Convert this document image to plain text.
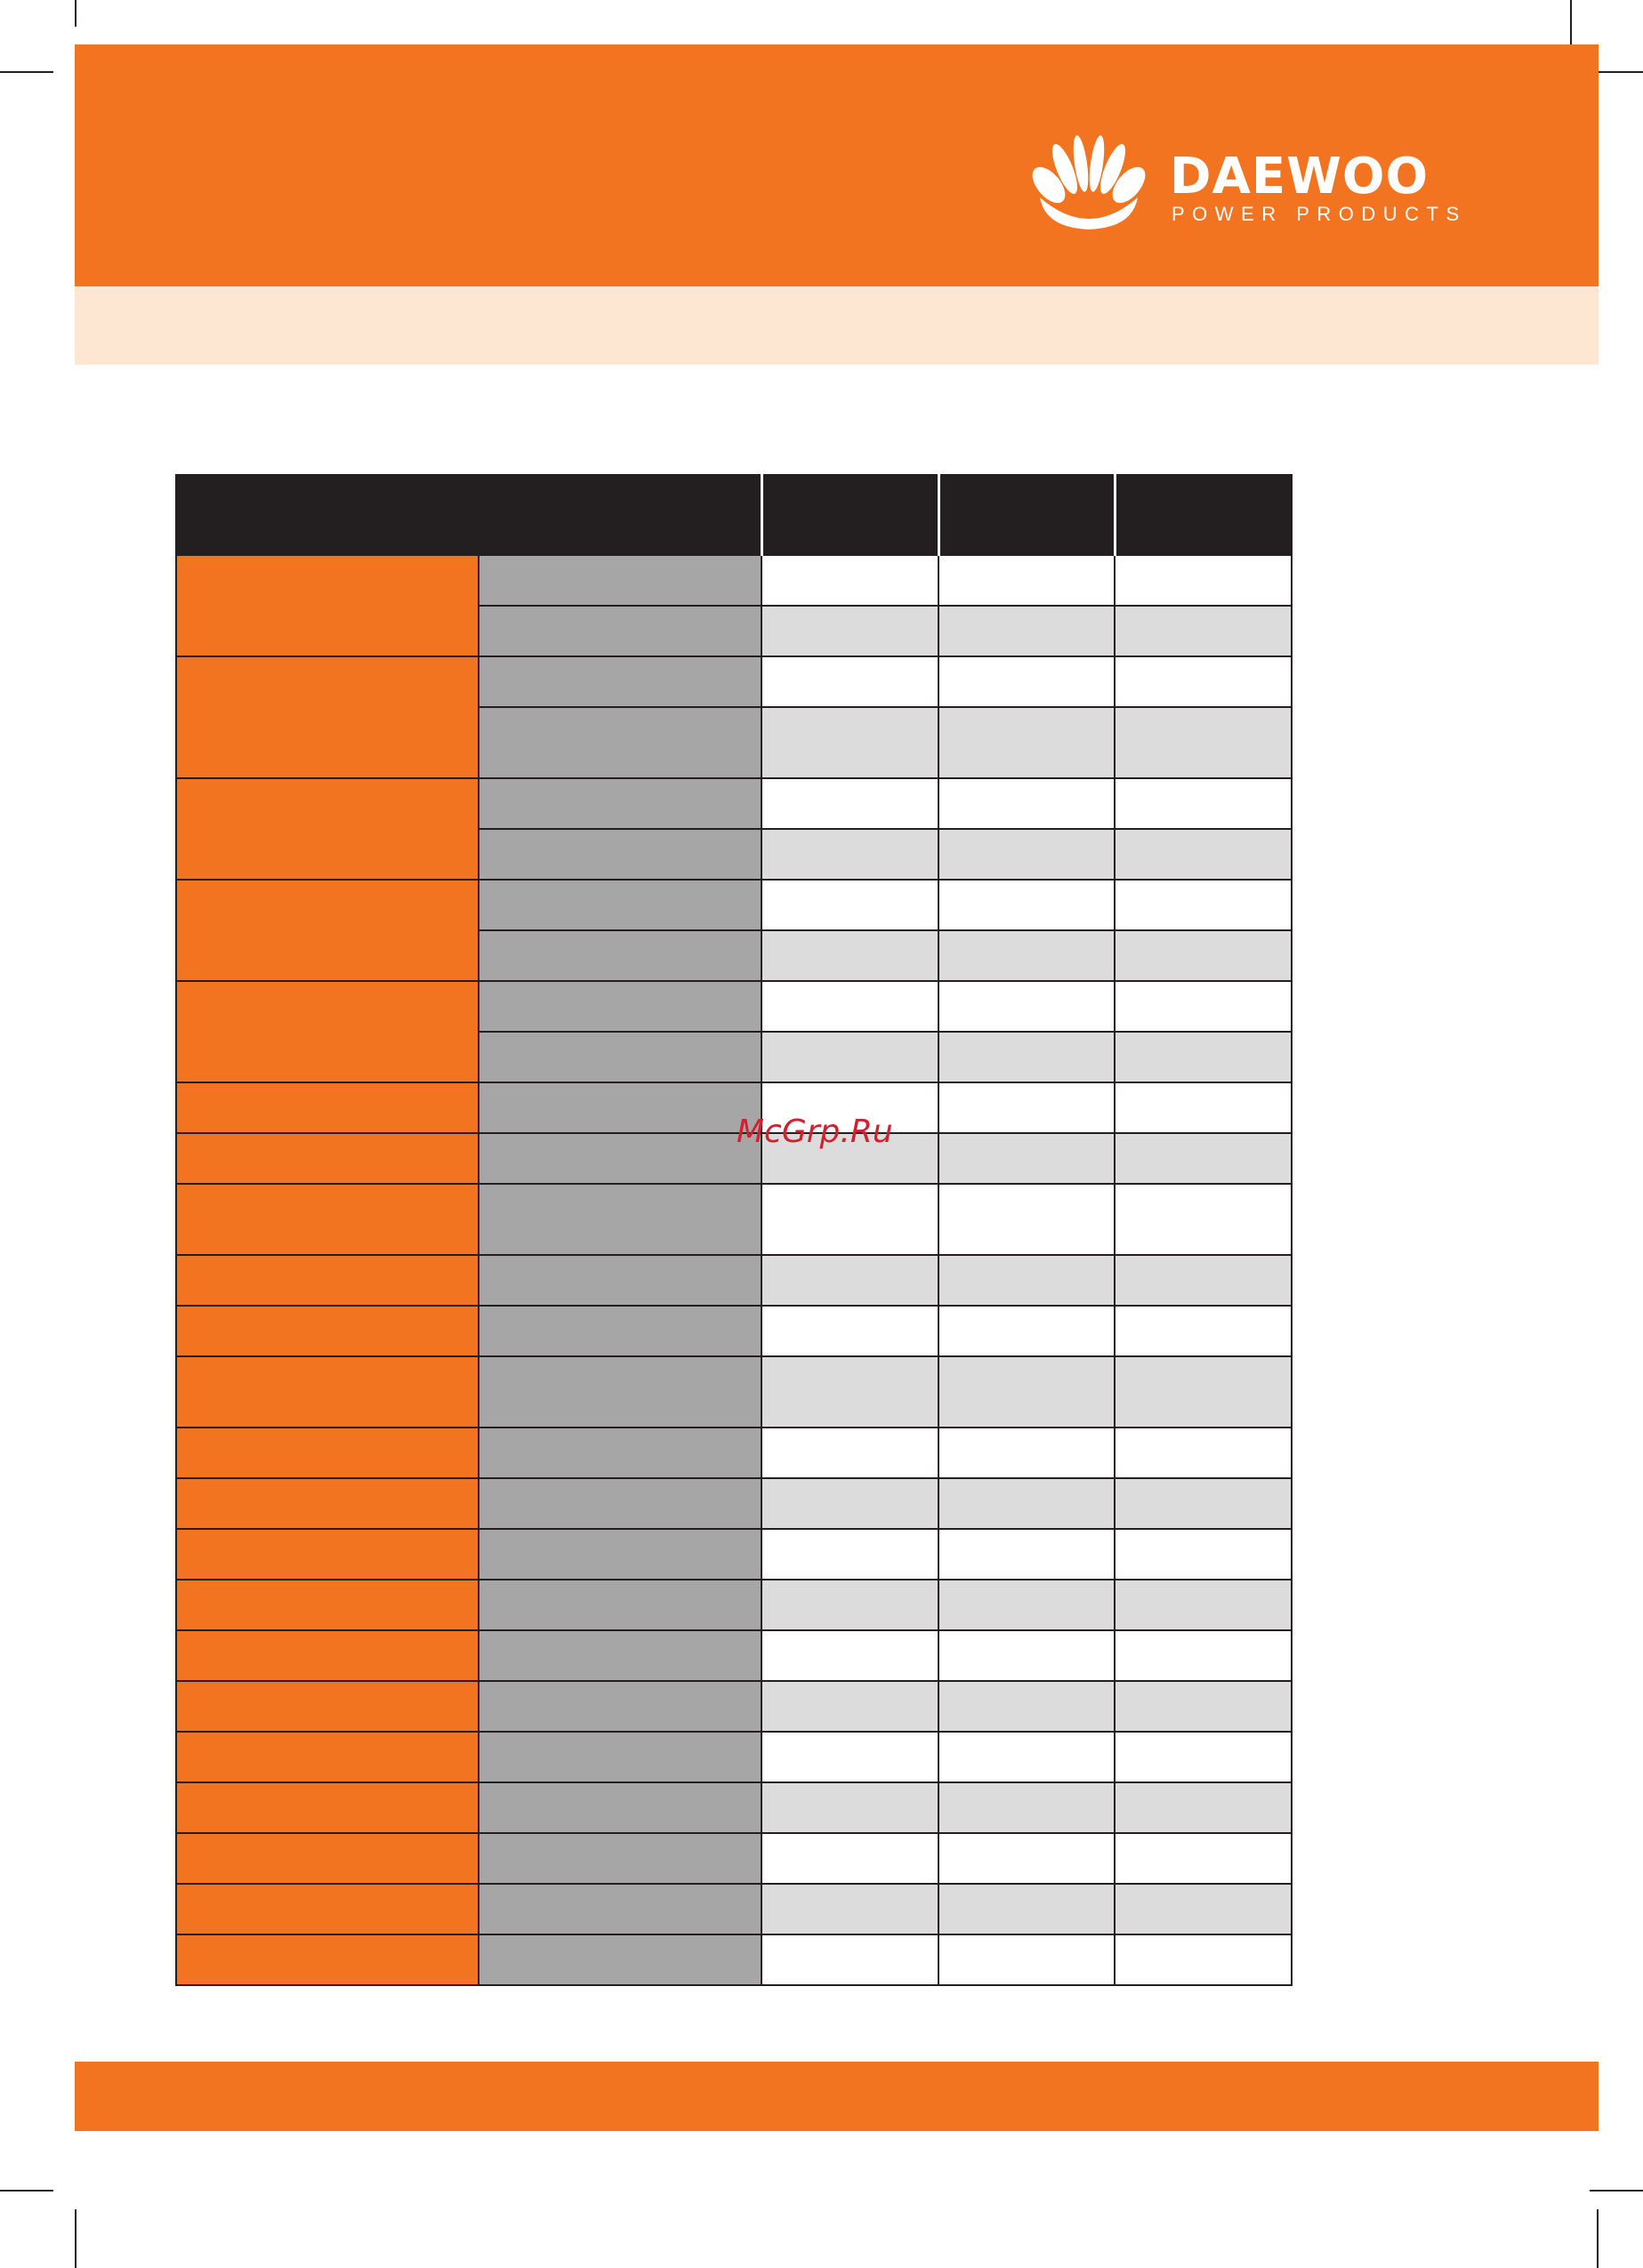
DAEWOO
POWER PRODUCTS

McGrp.Ru
